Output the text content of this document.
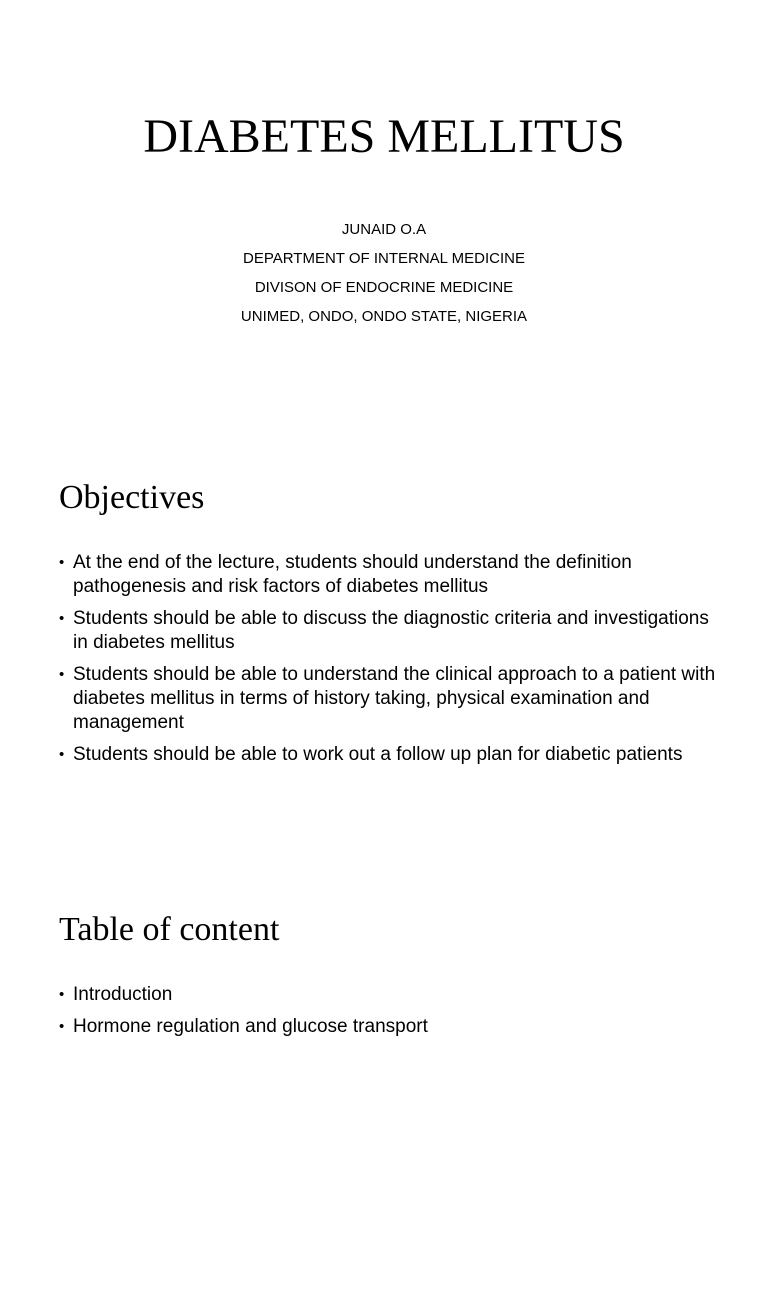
DIABETES MELLITUS
JUNAID O.A
DEPARTMENT OF INTERNAL MEDICINE
DIVISON OF ENDOCRINE MEDICINE
UNIMED, ONDO, ONDO STATE, NIGERIA
Objectives
• At the end of the lecture, students should understand the definition pathogenesis and risk factors of diabetes mellitus
• Students should be able to discuss the diagnostic criteria and investigations in diabetes mellitus
• Students should be able to understand the clinical approach to a patient with diabetes mellitus in terms of history taking, physical examination and management
• Students should be able to work out a follow up plan for diabetic patients
Table of content
• Introduction
• Hormone regulation and glucose transport
